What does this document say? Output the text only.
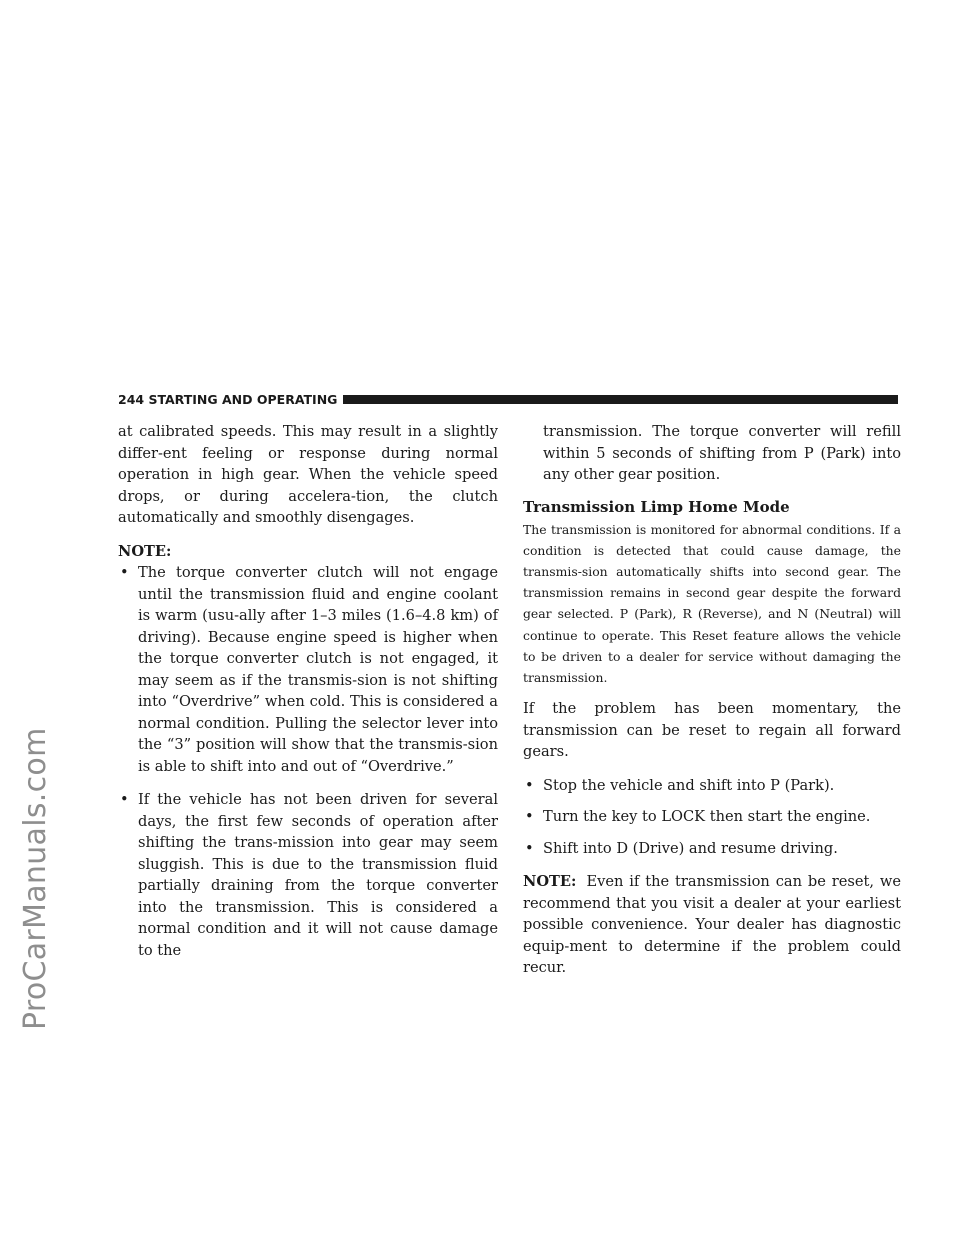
ProCarManuals.com
244 STARTING AND OPERATING

at calibrated speeds. This may result in a slightly differ-ent feeling or response during normal operation in high gear. When the vehicle speed drops, or during accelera-tion, the clutch automatically and smoothly disengages.

NOTE:
• The torque converter clutch will not engage until the transmission fluid and engine coolant is warm (usu-ally after 1–3 miles (1.6–4.8 km) of driving). Because engine speed is higher when the torque converter clutch is not engaged, it may seem as if the transmis-sion is not shifting into “Overdrive” when cold. This is considered a normal condition. Pulling the selector lever into the “3” position will show that the transmis-sion is able to shift into and out of “Overdrive.”
• If the vehicle has not been driven for several days, the first few seconds of operation after shifting the trans-mission into gear may seem sluggish. This is due to the transmission fluid partially draining from the torque converter into the transmission. This is considered a normal condition and it will not cause damage to the

transmission. The torque converter will refill within 5 seconds of shifting from P (Park) into any other gear position.

Transmission Limp Home Mode

The transmission is monitored for abnormal conditions. If a condition is detected that could cause damage, the transmis-sion automatically shifts into second gear. The transmission remains in second gear despite the forward gear selected. P (Park), R (Reverse), and N (Neutral) will continue to operate. This Reset feature allows the vehicle to be driven to a dealer for service without damaging the transmission.

If the problem has been momentary, the transmission can be reset to regain all forward gears.

• Stop the vehicle and shift into P (Park).
• Turn the key to LOCK then start the engine.
• Shift into D (Drive) and resume driving.

NOTE: Even if the transmission can be reset, we recommend that you visit a dealer at your earliest possible convenience. Your dealer has diagnostic equip-ment to determine if the problem could recur.
